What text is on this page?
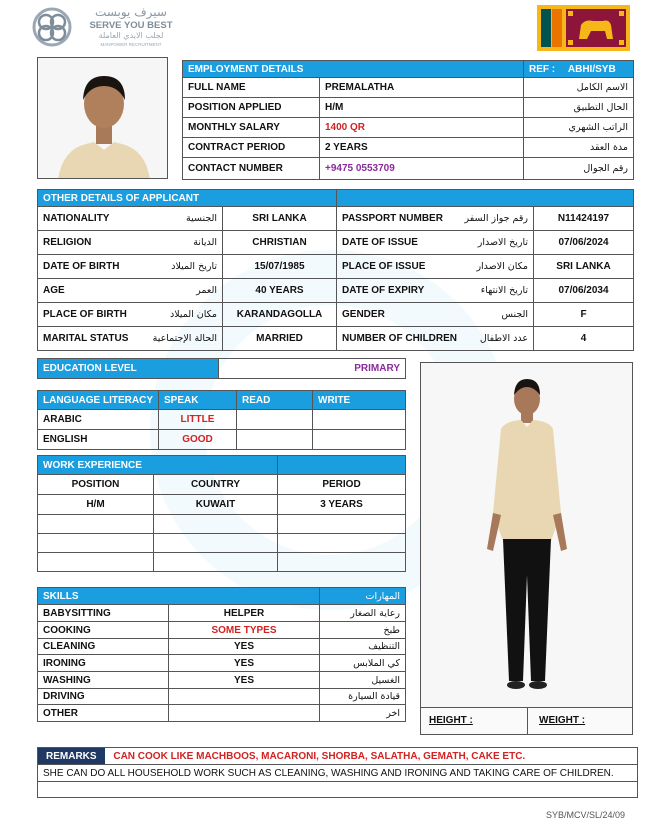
سيرف يوبست
SERVE YOU BEST
لجلب الايدي العاملة
MANPOWER RECRUITMENT
EMPLOYMENT DETAILS		REF : ABHI/SYB
FULL NAME	PREMALATHA	الاسم الكامل
POSITION APPLIED	H/M	الحال التطبيق
MONTHLY SALARY	1400 QR	الراتب الشهري
CONTRACT PERIOD	2 YEARS	مدة العقد
CONTACT NUMBER	+9475 0553709	رقم الجوال
OTHER DETAILS OF APPLICANT			
NATIONALITY الجنسية	SRI LANKA	PASSPORT NUMBER رقم جواز السفر	N11424197
RELIGION الديانة	CHRISTIAN	DATE OF ISSUE تاريخ الاصدار	07/06/2024
DATE OF BIRTH تاريخ الميلاد	15/07/1985	PLACE OF ISSUE مكان الاصدار	SRI LANKA
AGE العمر	40 YEARS	DATE OF EXPIRY تاريخ الانتهاء	07/06/2034
PLACE OF BIRTH مكان الميلاد	KARANDAGOLLA	GENDER الجنس	F
MARITAL STATUS الحالة الإجتماعية	MARRIED	NUMBER OF CHILDREN عدد الاطفال	4
EDUCATION LEVEL	PRIMARY
LANGUAGE LITERACY	SPEAK	READ	WRITE
ARABIC	LITTLE		
ENGLISH	GOOD		
WORK EXPERIENCE		
POSITION	COUNTRY	PERIOD
H/M	KUWAIT	3 YEARS

SKILLS		المهارات
BABYSITTING	HELPER	رعاية الصغار
COOKING	SOME TYPES	طبخ
CLEANING	YES	التنظيف
IRONING	YES	كي الملابس
WASHING	YES	الغسيل
DRIVING		قيادة السيارة
OTHER		اخر
HEIGHT :	WEIGHT :
REMARKS CAN COOK LIKE MACHBOOS, MACARONI, SHORBA, SALATHA, GEMATH, CAKE ETC.
SHE CAN DO ALL HOUSEHOLD WORK SUCH AS CLEANING, WASHING AND IRONING AND TAKING CARE OF CHILDREN.

SYB/MCV/SL/24/09
